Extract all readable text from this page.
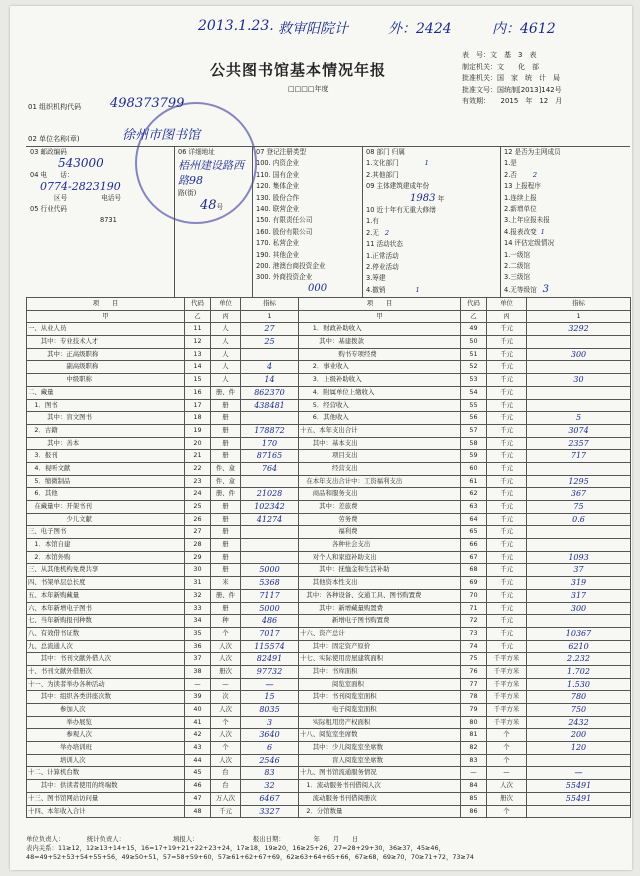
2013.1.23. 救审阳院计	外：2424	内：4612
公共图书馆基本情况年报
□□□□年度
表　号：文　基　3　表
制定机关：文　　化　部
批准机关：国　家　统　计　局
批准文号：国统制[2013]142号
有效期：　　2015　年　12　月
01 组织机构代码 498373799
02 单位名称(章)	徐州市图书馆
03 邮政编码
543000
04 电　　话：
0774-2823190
区号	电话号
05 行业代码
8731
06 详细地址
梧州建设路西路98
路(街)
48号
07 登记注册类型
100. 内资企业
110. 国有企业
120. 集体企业
130. 股份合作
140. 联营企业
150. 有限责任公司
160. 股份有限公司
170. 私营企业
190. 其他企业
200. 港澳台商投资企业
300. 外商投资企业
000
08 部门 归属
1.文化部门	1
2.其他部门
09 主体建筑建成年份
1983 年
10 近十年有无重大修缮
1.有
2.无 2
11 活动状态
1.正常活动
2.停业活动
3.筹建
4.撤销	1
12 是否为主网成员
1.是
2.否 2
13 上报程序
1.连续上报
2.新增单位
3.上年应报未报
4.报表改变 1
14 评估定级情况
1.一级馆
2.二级馆
3.三级馆
4.无等级馆 3
项　　目	代码	单位	指标	项　　目	代码	单位	指标
甲	乙	丙	1	甲	乙	丙	1
一、从业人员	11	人	27	　　1．财政补助收入	49	千元	3292
　　其中：专业技术人才	12	人	25	　　　其中：基建拨款	50	千元	
　　　其中：正高级职称	13	人		　　　　　　购书专项经费	51	千元	300
　　　　　　副高级职称	14	人	4	　　2．事业收入	52	千元	
　　　　　　中级职称	15	人	14	　　3．上级补助收入	53	千元	30
二、藏量	16	册、件	862370	　　4．附属单位上缴收入	54	千元	
　1．图书	17	册	438481	　　5．经营收入	55	千元	
　　　其中：盲文图书	18	册		　　6．其他收入	56	千元	5
　2．古籍	19	册	178872	十五、本年支出合计	57	千元	3074
　　　其中：善本	20	册	170	　　其中：基本支出	58	千元	2357
　3．报刊	21	册	87165	　　　　　项目支出	59	千元	717
　4．视听文献	22	件、盒	764	　　　　　经营支出	60	千元	
　5．缩微制品	23	件、盒		　在本年支出合计中：工资福利支出	61	千元	1295
　6．其他	24	册、件	21028	　　商品和服务支出	62	千元	367
　在藏量中：开架书刊	25	册	102342	　　　其中：差旅费	63	千元	75
　　　　　　少儿文献	26	册	41274	　　　　　　劳务费	64	千元	0.6
三、电子图书	27	册		　　　　　　福利费	65	千元	
　1．本馆自建	28	册		　　　　　各种社会支出	66	千元	
　2．本馆外购	29	册		　　对个人和家庭补助支出	67	千元	1093
三、从其他机构免费共享	30	册	5000	　　　其中：抚恤金和生活补助	68	千元	37
四、书架单层总长度	31	米	5368	　　其他资本性支出	69	千元	319
五、本年新购藏量	32	册、件	7117	　其中：各种设备、交通工具、图书购置费	70	千元	317
六、本年新增电子图书	33	册	5000	　　　其中：新增藏量购置费	71	千元	300
七、当年新购报刊种数	34	种	486	　　　　　新增电子图书购置费	72	千元	
八、有效借书证数	35	个	7017	十六、资产总计	73	千元	10367
九、总流通人次	36	人次	115574	　　其中：固定资产原价	74	千元	6210
　　其中：书刊文献外借人次	37	人次	82491	十七、实际使用房屋建筑面积	75	千平方米	2.232
十、书刊文献外借册次	38	册次	97732	　　其中：书库面积	76	千平方米	1.702
十一、为读者举办各种活动	—	—	—	　　　　　阅览室面积	77	千平方米	1.530
　　其中：组织各类讲座次数	39	次	15	　　其中：书刊阅览室面积	78	千平方米	780
　　　　　参加人次	40	人次	8035	　　　　　电子阅览室面积	79	千平方米	750
　　　　　　举办展览	41	个	3	　　实际租用房产权面积	80	千平方米	2432
　　　　　　参观人次	42	人次	3640	十八、阅览室坐席数	81	个	200
　　　　　举办培训班	43	个	6	　　其中：少儿阅览室坐席数	82	个	120
　　　　　培训人次	44	人次	2546	　　　　　盲人阅览室坐席数	83	个	
十二、计算机台数	45	台	83	十九、图书馆流通服务情况	—	—	—
　　其中：供读者使用的终端数	46	台	32	　1．流动服务书刊借阅人次	84	人次	55491
十三、图书馆网站访问量	47	万人次	6467	　　流动服务书刊借阅册次	85	册次	55491
十四、本年收入合计	48	千元	3327	　2．分馆数量	86	个	
单位负责人：　　　　统计负责人：　　　　　　　　填报人：　　　　　　　　　报出日期：　　　　　年　　月　　日
表内关系：11≥12，12≥13+14+15，16=17+19+21+22+23+24，17≥18，19≥20，16≥25+26，27=28+29+30，36≥37，45≥46，
48=49+52+53+54+55+56，49≥50+51，57=58+59+60，57≥61+62+67+69，62≥63+64+65+66，67≥68，69≥70，70≥71+72，73≥74
